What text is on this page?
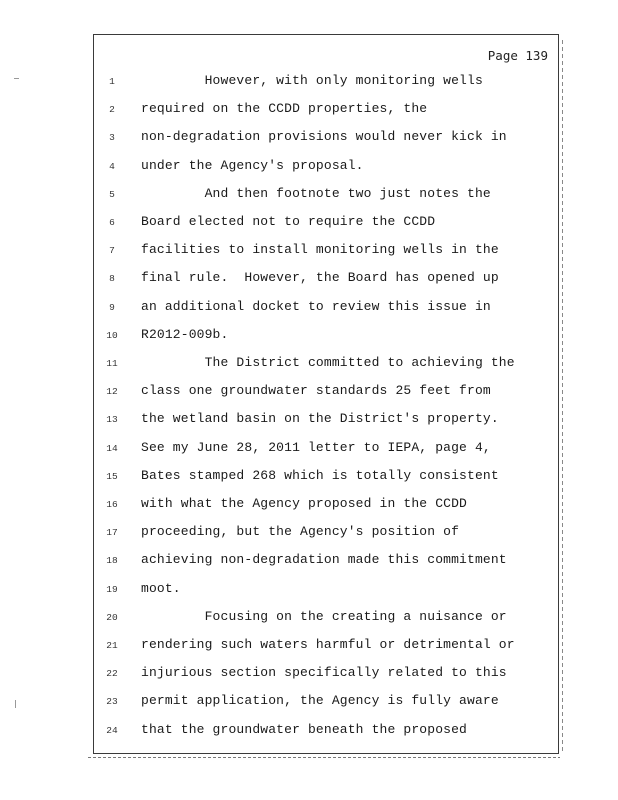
Page 139
1	However, with only monitoring wells
2	required on the CCDD properties, the
3	non-degradation provisions would never kick in
4	under the Agency's proposal.
5	And then footnote two just notes the
6	Board elected not to require the CCDD
7	facilities to install monitoring wells in the
8	final rule.  However, the Board has opened up
9	an additional docket to review this issue in
10 R2012-009b.
11 The District committed to achieving the
12 class one groundwater standards 25 feet from
13 the wetland basin on the District's property.
14 See my June 28, 2011 letter to IEPA, page 4,
15 Bates stamped 268 which is totally consistent
16 with what the Agency proposed in the CCDD
17 proceeding, but the Agency's position of
18 achieving non-degradation made this commitment
19 moot.
20 Focusing on the creating a nuisance or
21 rendering such waters harmful or detrimental or
22 injurious section specifically related to this
23 permit application, the Agency is fully aware
24 that the groundwater beneath the proposed
